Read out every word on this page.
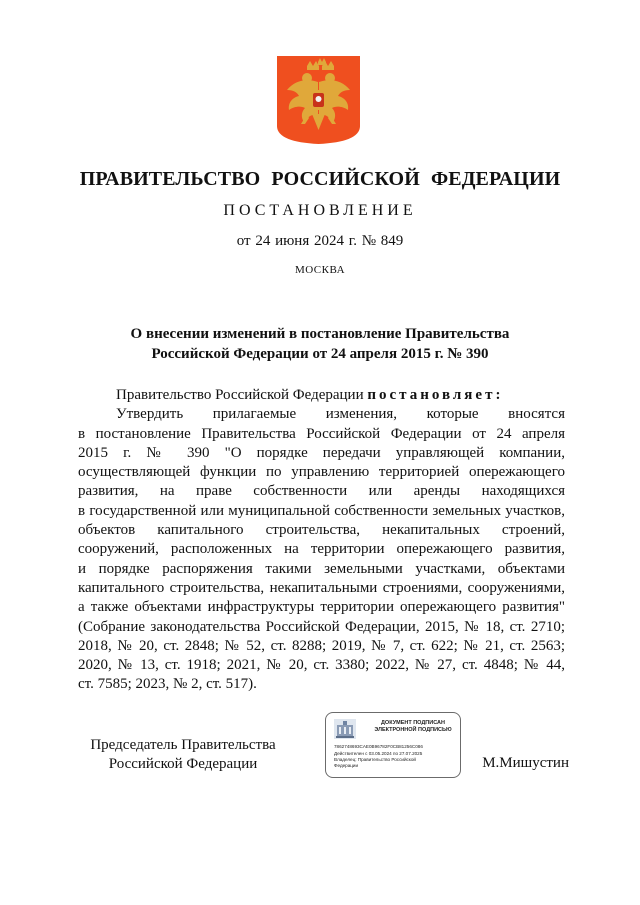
ПРАВИТЕЛЬСТВО РОССИЙСКОЙ ФЕДЕРАЦИИ
ПОСТАНОВЛЕНИЕ
от 24 июня 2024 г. № 849
МОСКВА
О внесении изменений в постановление Правительства
Российской Федерации от 24 апреля 2015 г. № 390
Правительство Российской Федерации постановляет:
Утвердить прилагаемые изменения, которые вносятся
в постановление Правительства Российской Федерации от 24 апреля
2015 г. № 390 "О порядке передачи управляющей компании,
осуществляющей функции по управлению территорией опережающего
развития, на праве собственности или аренды находящихся
в государственной или муниципальной собственности земельных участков,
объектов капитального строительства, некапитальных строений,
сооружений, расположенных на территории опережающего развития,
и порядке распоряжения такими земельными участками, объектами
капитального строительства, некапитальными строениями, сооружениями,
а также объектами инфраструктуры территории опережающего развития"
(Собрание законодательства Российской Федерации, 2015, № 18, ст. 2710;
2018, № 20, ст. 2848; № 52, ст. 8288; 2019, № 7, ст. 622; № 21, ст. 2563;
2020, № 13, ст. 1918; 2021, № 20, ст. 3380; 2022, № 27, ст. 4848; № 44,
ст. 7585; 2023, № 2, ст. 517).
Председатель Правительства
Российской Федерации
ДОКУМЕНТ ПОДПИСАН
ЭЛЕКТРОННОЙ ПОДПИСЬЮ
7862748693CAE0B96782F0CB81256C086
Действителен с 03.05.2024 по 27.07.2025
Владелец: Правительство Российской
Федерации	М.Мишустин
